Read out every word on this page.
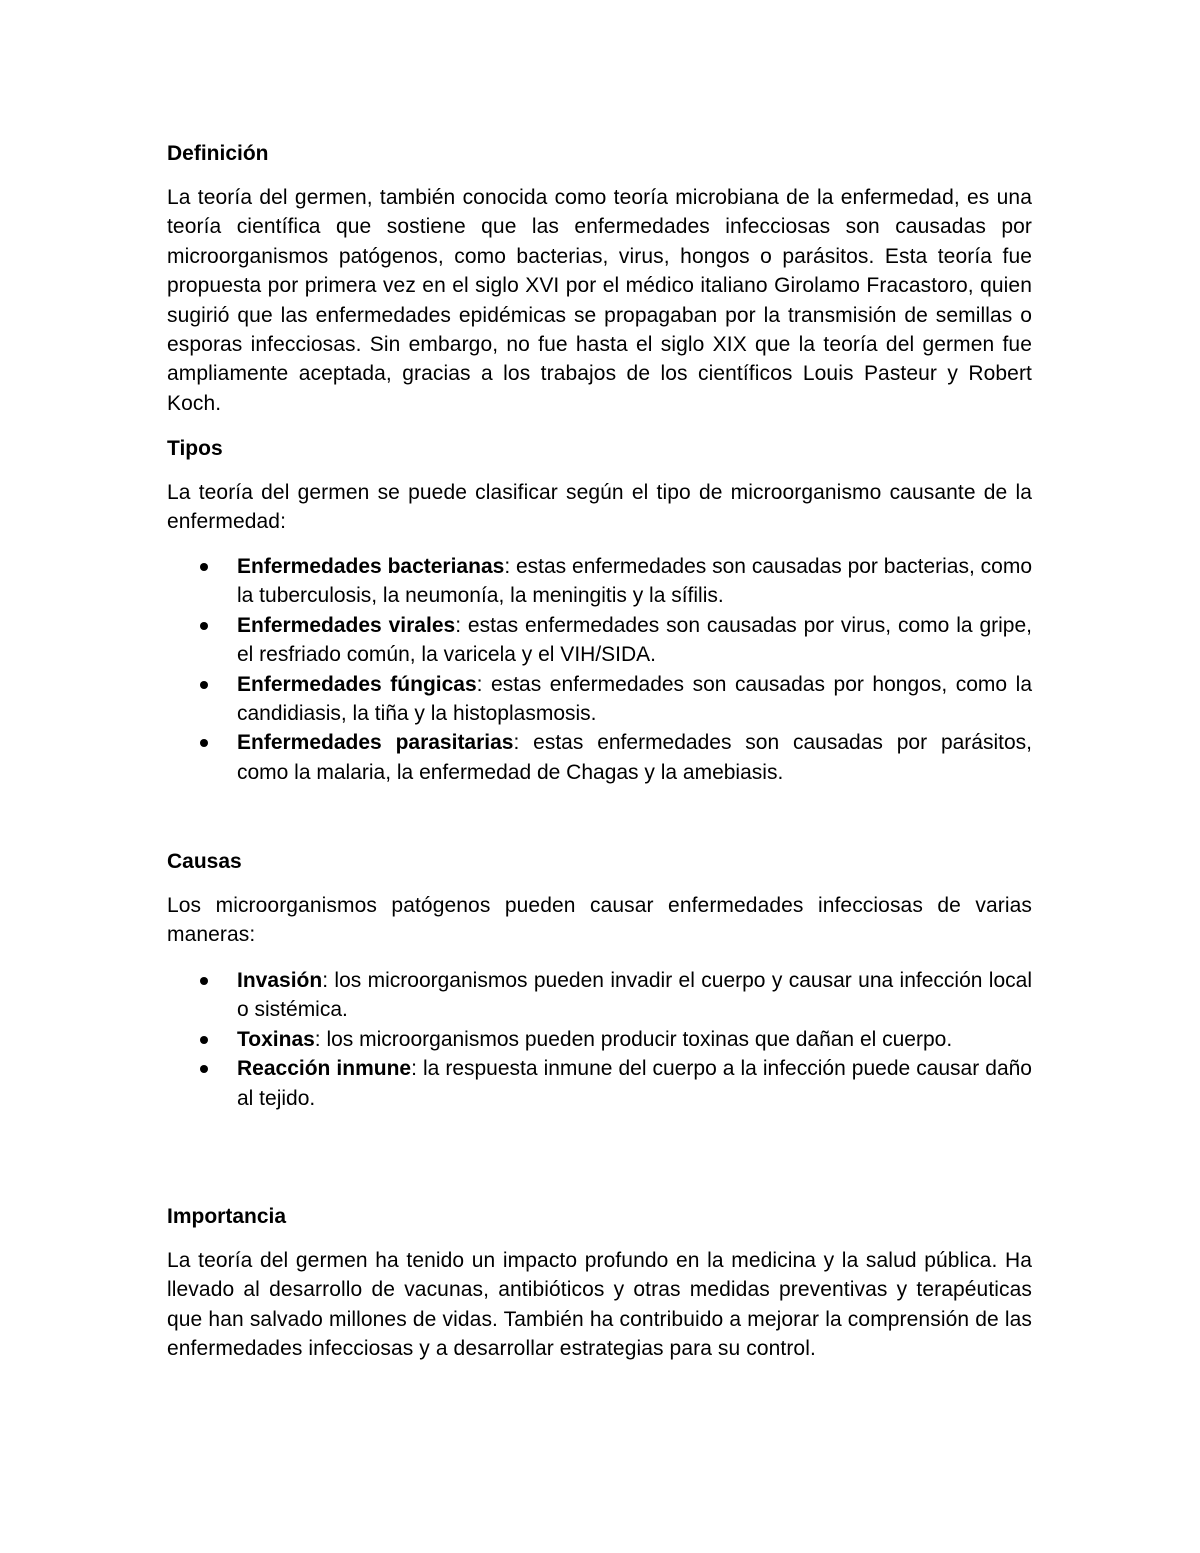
Definición

La teoría del germen, también conocida como teoría microbiana de la enfermedad, es una teoría científica que sostiene que las enfermedades infecciosas son causadas por microorganismos patógenos, como bacterias, virus, hongos o parásitos. Esta teoría fue propuesta por primera vez en el siglo XVI por el médico italiano Girolamo Fracastoro, quien sugirió que las enfermedades epidémicas se propagaban por la transmisión de semillas o esporas infecciosas. Sin embargo, no fue hasta el siglo XIX que la teoría del germen fue ampliamente aceptada, gracias a los trabajos de los científicos Louis Pasteur y Robert Koch.

Tipos

La teoría del germen se puede clasificar según el tipo de microorganismo causante de la enfermedad:

Enfermedades bacterianas: estas enfermedades son causadas por bacterias, como la tuberculosis, la neumonía, la meningitis y la sífilis.
Enfermedades virales: estas enfermedades son causadas por virus, como la gripe, el resfriado común, la varicela y el VIH/SIDA.
Enfermedades fúngicas: estas enfermedades son causadas por hongos, como la candidiasis, la tiña y la histoplasmosis.
Enfermedades parasitarias: estas enfermedades son causadas por parásitos, como la malaria, la enfermedad de Chagas y la amebiasis.
Causas

Los microorganismos patógenos pueden causar enfermedades infecciosas de varias maneras:

Invasión: los microorganismos pueden invadir el cuerpo y causar una infección local o sistémica.
Toxinas: los microorganismos pueden producir toxinas que dañan el cuerpo.
Reacción inmune: la respuesta inmune del cuerpo a la infección puede causar daño al tejido.
Importancia

La teoría del germen ha tenido un impacto profundo en la medicina y la salud pública. Ha llevado al desarrollo de vacunas, antibióticos y otras medidas preventivas y terapéuticas que han salvado millones de vidas. También ha contribuido a mejorar la comprensión de las enfermedades infecciosas y a desarrollar estrategias para su control.
